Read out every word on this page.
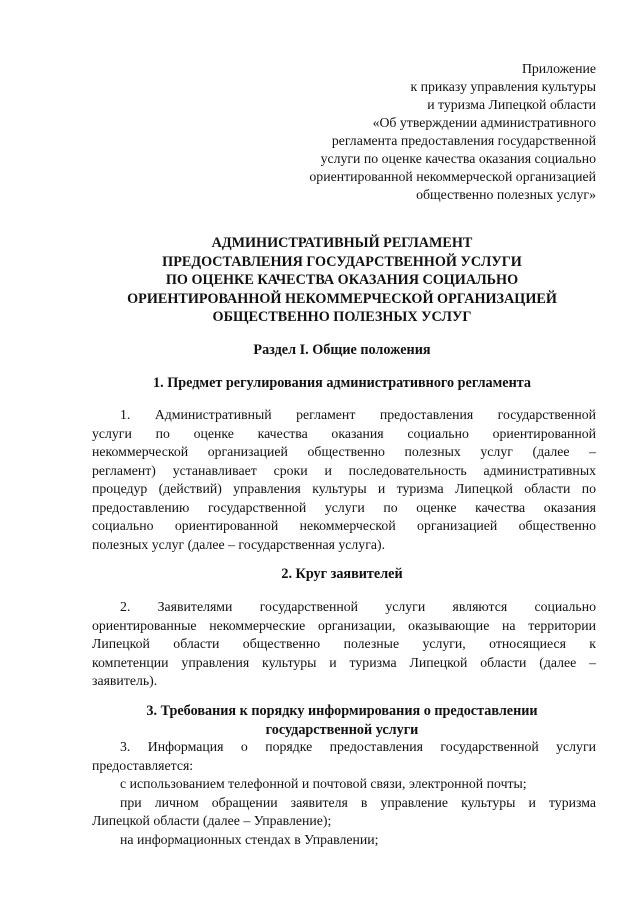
Приложение
к приказу управления культуры
и туризма Липецкой области
«Об утверждении административного
регламента предоставления государственной
услуги по оценке качества оказания социально
ориентированной некоммерческой организацией
общественно полезных услуг»
АДМИНИСТРАТИВНЫЙ РЕГЛАМЕНТ
ПРЕДОСТАВЛЕНИЯ ГОСУДАРСТВЕННОЙ УСЛУГИ
ПО ОЦЕНКЕ КАЧЕСТВА ОКАЗАНИЯ СОЦИАЛЬНО
ОРИЕНТИРОВАННОЙ НЕКОММЕРЧЕСКОЙ ОРГАНИЗАЦИЕЙ
ОБЩЕСТВЕННО ПОЛЕЗНЫХ УСЛУГ
Раздел I. Общие положения
1. Предмет регулирования административного регламента
1. Административный регламент предоставления государственной
услуги по оценке качества оказания социально ориентированной
некоммерческой организацией общественно полезных услуг (далее –
регламент) устанавливает сроки и последовательность административных
процедур (действий) управления культуры и туризма Липецкой области по
предоставлению государственной услуги по оценке качества оказания
социально ориентированной некоммерческой организацией общественно
полезных услуг (далее – государственная услуга).
2. Круг заявителей
2. Заявителями государственной услуги являются социально
ориентированные некоммерческие организации, оказывающие на территории
Липецкой области общественно полезные услуги, относящиеся к
компетенции управления культуры и туризма Липецкой области (далее –
заявитель).
3. Требования к порядку информирования о предоставлении
государственной услуги
3. Информация о порядке предоставления государственной услуги
предоставляется:
с использованием телефонной и почтовой связи, электронной почты;
при личном обращении заявителя в управление культуры и туризма
Липецкой области (далее – Управление);
на информационных стендах в Управлении;
